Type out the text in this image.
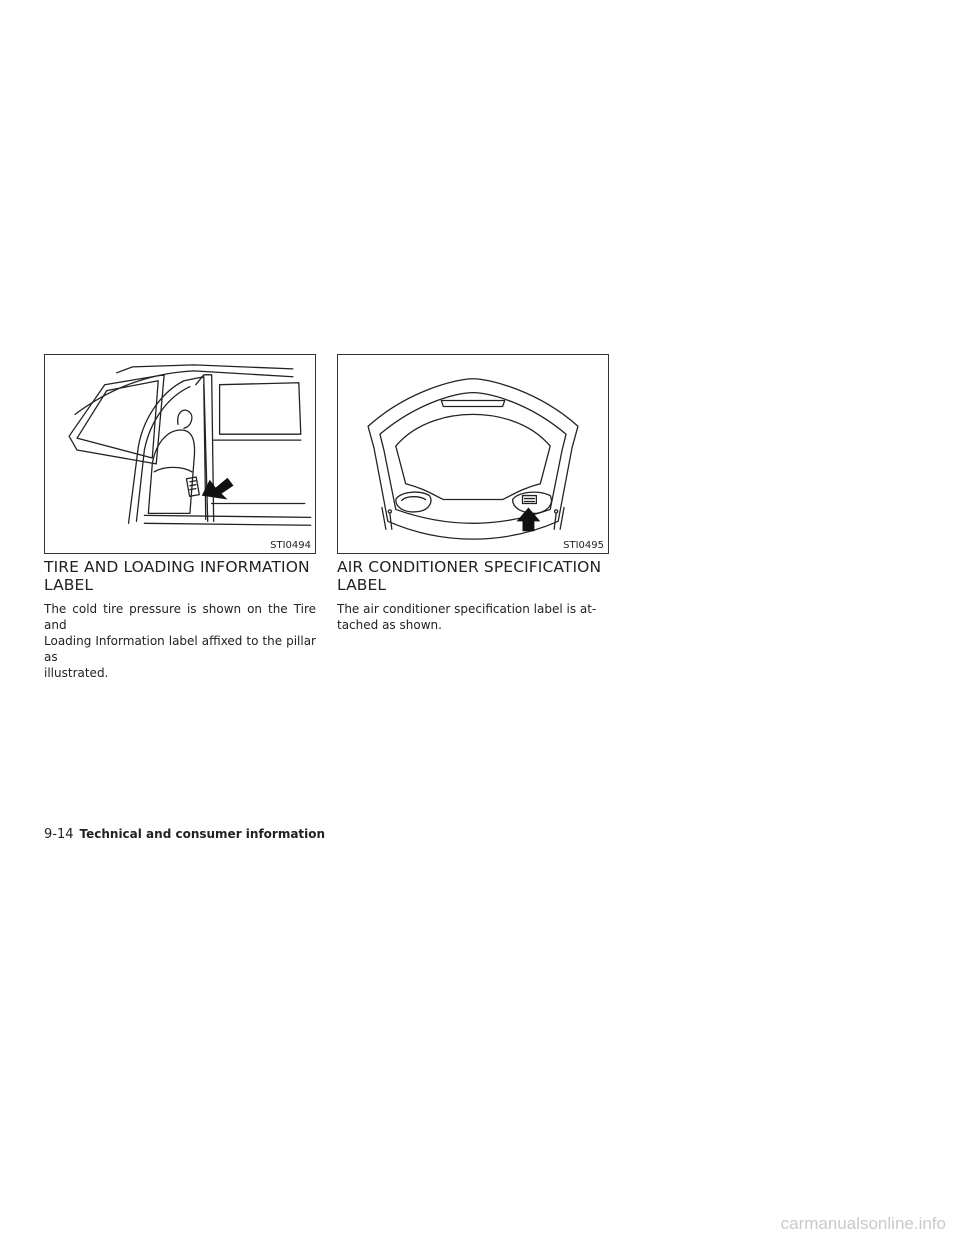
STI0494	STI0495
TIRE AND LOADING INFORMATION
LABEL

The cold tire pressure is shown on the Tire and
Loading Information label affixed to the pillar as
illustrated.

AIR CONDITIONER SPECIFICATION
LABEL

The air conditioner specification label is at-
tached as shown.

9-14 Technical and consumer information
carmanualsonline.info
